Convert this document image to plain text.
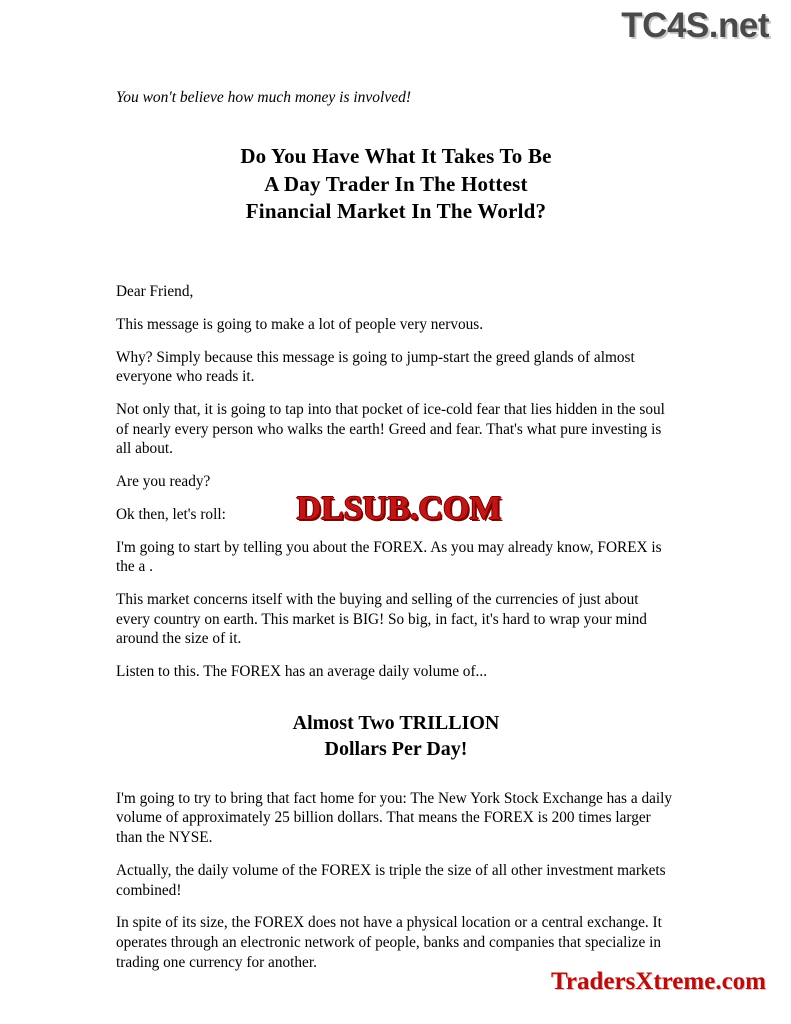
TC4S.net

You won't believe how much money is involved!

Do You Have What It Takes To Be
A Day Trader In The Hottest
Financial Market In The World?

Dear Friend,

This message is going to make a lot of people very nervous.

Why? Simply because this message is going to jump-start the greed glands of almost everyone who reads it.

Not only that, it is going to tap into that pocket of ice-cold fear that lies hidden in the soul of nearly every person who walks the earth! Greed and fear. That's what pure investing is all about.

Are you ready?

Ok then, let's roll:

I'm going to start by telling you about the FOREX. As you may already know, FOREX is the a .

This market concerns itself with the buying and selling of the currencies of just about every country on earth. This market is BIG! So big, in fact, it's hard to wrap your mind around the size of it.

Listen to this. The FOREX has an average daily volume of...

Almost Two TRILLION
Dollars Per Day!

I'm going to try to bring that fact home for you: The New York Stock Exchange has a daily volume of approximately 25 billion dollars. That means the FOREX is 200 times larger than the NYSE.

Actually, the daily volume of the FOREX is triple the size of all other investment markets combined!

In spite of its size, the FOREX does not have a physical location or a central exchange. It operates through an electronic network of people, banks and companies that specialize in trading one currency for another.

DLSUB.COM
TradersXtreme.com
